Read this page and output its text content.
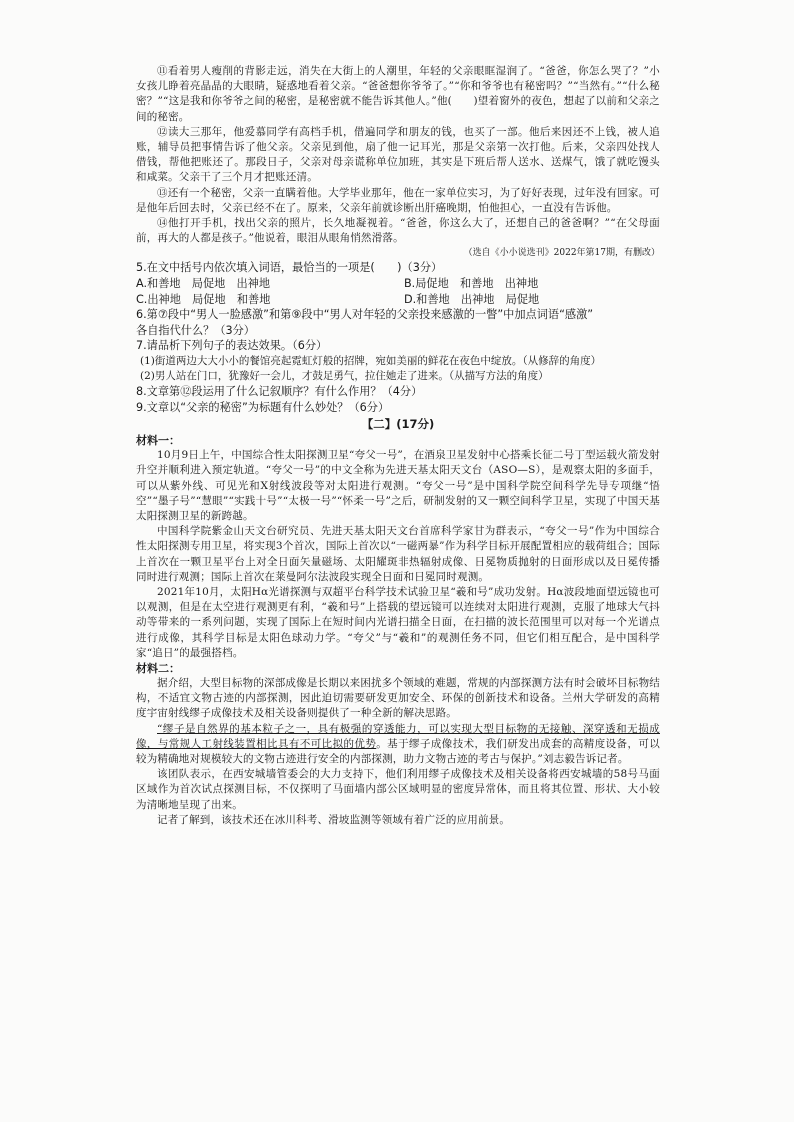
⑪看着男人瘦削的背影走远，消失在大街上的人潮里，年轻的父亲眼眶湿润了。“爸爸，你怎么哭了？”小女孩儿睁着亮晶晶的大眼睛，疑惑地看着父亲。“爸爸想你爷爷了。”“你和爷爷也有秘密吗？”“当然有。”“什么秘密？”“这是我和你爷爷之间的秘密，是秘密就不能告诉其他人。”他(　　)望着窗外的夜色，想起了以前和父亲之间的秘密。

⑫读大三那年，他爱慕同学有高档手机，借遍同学和朋友的钱，也买了一部。他后来因还不上钱，被人追账，辅导员把事情告诉了他父亲。父亲见到他，扇了他一记耳光，那是父亲第一次打他。后来，父亲四处找人借钱，帮他把账还了。那段日子，父亲对母亲谎称单位加班，其实是下班后帮人送水、送煤气，饿了就吃馒头和咸菜。父亲干了三个月才把账还清。

⑬还有一个秘密，父亲一直瞒着他。大学毕业那年，他在一家单位实习，为了好好表现，过年没有回家。可是他年后回去时，父亲已经不在了。原来，父亲年前就诊断出肝癌晚期，怕他担心，一直没有告诉他。

⑭他打开手机，找出父亲的照片，长久地凝视着。“爸爸，你这么大了，还想自己的爸爸啊？”“在父母面前，再大的人都是孩子。”他说着，眼泪从眼角悄然滑落。

（选自《小小说选刊》2022年第17期，有删改）

5.在文中括号内依次填入词语，最恰当的一项是(　　)（3分）

A.和善地　局促地　出神地	B.局促地　和善地　出神地
C.出神地　局促地　和善地	D.和善地　出神地　局促地

6.第⑦段中“男人一脸感激”和第⑨段中“男人对年轻的父亲投来感激的一瞥”中加点词语“感激”
各自指代什么？（3分）

7.请品析下列句子的表达效果。（6分）

(1)街道两边大大小小的餐馆亮起霓虹灯般的招牌，宛如美丽的鲜花在夜色中绽放。（从修辞的角度）

(2)男人站在门口，犹豫好一会儿，才鼓足勇气，拉住她走了进来。（从描写方法的角度）

8.文章第⑫段运用了什么记叙顺序？有什么作用？（4分）

9.文章以“父亲的秘密”为标题有什么妙处？（6分）

【二】(17分)

材料一：

10月9日上午，中国综合性太阳探测卫星“夸父一号”，在酒泉卫星发射中心搭乘长征二号丁型运载火箭发射升空并顺利进入预定轨道。“夸父一号”的中文全称为先进天基太阳天文台（ASO—S），是观察太阳的多面手，可以从紫外线、可见光和X射线波段等对太阳进行观测。“夸父一号”是中国科学院空间科学先导专项继“悟空”“墨子号”“慧眼”“实践十号”“太极一号”“怀柔一号”之后，研制发射的又一颗空间科学卫星，实现了中国天基太阳探测卫星的新跨越。

中国科学院紫金山天文台研究员、先进天基太阳天文台首席科学家甘为群表示，“夸父一号”作为中国综合性太阳探测专用卫星，将实现3个首次，国际上首次以“一磁两暴”作为科学目标开展配置相应的载荷组合；国际上首次在一颗卫星平台上对全日面矢量磁场、太阳耀斑非热辐射成像、日冕物质抛射的日面形成以及日冕传播同时进行观测；国际上首次在莱曼阿尔法波段实现全日面和日冕同时观测。

2021年10月，太阳Hα光谱探测与双超平台科学技术试验卫星“羲和号”成功发射。Hα波段地面望远镜也可以观测，但是在太空进行观测更有利，“羲和号”上搭载的望远镜可以连续对太阳进行观测，克服了地球大气抖动等带来的一系列问题，实现了国际上在短时间内光谱扫描全日面，在扫描的波长范围里可以对每一个光谱点进行成像，其科学目标是太阳色球动力学。“夸父”与“羲和”的观测任务不同，但它们相互配合，是中国科学家“追日”的最强搭档。

材料二：

据介绍，大型目标物的深部成像是长期以来困扰多个领域的难题，常规的内部探测方法有时会破坏目标物结构，不适宜文物古迹的内部探测，因此迫切需要研发更加安全、环保的创新技术和设备。兰州大学研发的高精度宇宙射线缪子成像技术及相关设备则提供了一种全新的解决思路。

“缪子是自然界的基本粒子之一，具有极强的穿透能力，可以实现大型目标物的无接触、深穿透和无损成像，与常规人工射线装置相比具有不可比拟的优势。基于缪子成像技术，我们研发出成套的高精度设备，可以较为精确地对规模较大的文物古迹进行安全的内部探测，助力文物古迹的考古与保护。”刘志毅告诉记者。

该团队表示，在西安城墙管委会的大力支持下，他们利用缪子成像技术及相关设备将西安城墙的58号马面区域作为首次试点探测目标，不仅探明了马面墙内部公区域明显的密度异常体，而且将其位置、形状、大小较为清晰地呈现了出来。

记者了解到，该技术还在冰川科考、滑坡监测等领域有着广泛的应用前景。
